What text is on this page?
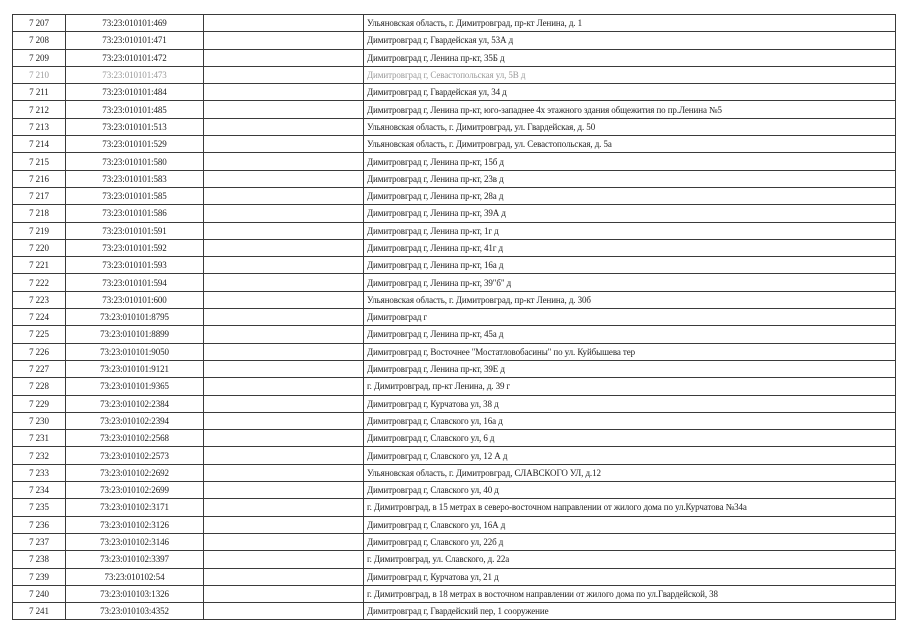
7 207	73:23:010101:469		Ульяновская область, г. Димитровград, пр-кт Ленина, д. 1
7 208	73:23:010101:471		Димитровград г, Гвардейская ул, 53А д
7 209	73:23:010101:472		Димитровград г, Ленина пр-кт, 35Б д
7 210	73:23:010101:473		Димитровград г, Севастопольская ул, 5В д
7 211	73:23:010101:484		Димитровград г, Гвардейская ул, 34 д
7 212	73:23:010101:485		Димитровград г, Ленина пр-кт, юго-западнее 4х этажного здания общежития по пр.Ленина №5
7 213	73:23:010101:513		Ульяновская область, г. Димитровград, ул. Гвардейская, д. 50
7 214	73:23:010101:529		Ульяновская область, г. Димитровград, ул. Севастопольская, д. 5а
7 215	73:23:010101:580		Димитровград г, Ленина пр-кт, 15б д
7 216	73:23:010101:583		Димитровград г, Ленина пр-кт, 23в д
7 217	73:23:010101:585		Димитровград г, Ленина пр-кт, 28а д
7 218	73:23:010101:586		Димитровград г, Ленина пр-кт, 39А д
7 219	73:23:010101:591		Димитровград г, Ленина пр-кт, 1г д
7 220	73:23:010101:592		Димитровград г, Ленина пр-кт, 41г д
7 221	73:23:010101:593		Димитровград г, Ленина пр-кт, 16а д
7 222	73:23:010101:594		Димитровград г, Ленина пр-кт, 39"б" д
7 223	73:23:010101:600		Ульяновская область, г. Димитровград, пр-кт Ленина, д. 30б
7 224	73:23:010101:8795		Димитровград г
7 225	73:23:010101:8899		Димитровград г, Ленина пр-кт, 45а д
7 226	73:23:010101:9050		Димитровград г, Восточнее "Мостатловобасины" по ул. Куйбышева тер
7 227	73:23:010101:9121		Димитровград г, Ленина пр-кт, 39Е д
7 228	73:23:010101:9365		г. Димитровград, пр-кт Ленина, д. 39 г
7 229	73:23:010102:2384		Димитровград г, Курчатова ул, 38 д
7 230	73:23:010102:2394		Димитровград г, Славского ул, 16а д
7 231	73:23:010102:2568		Димитровград г, Славского ул, 6 д
7 232	73:23:010102:2573		Димитровград г, Славского ул, 12 А д
7 233	73:23:010102:2692		Ульяновская область, г. Димитровград, СЛАВСКОГО УЛ, д.12
7 234	73:23:010102:2699		Димитровград г, Славского ул, 40 д
7 235	73:23:010102:3171		г. Димитровград, в 15 метрах в северо-восточном направлении от жилого дома по ул.Курчатова №34а
7 236	73:23:010102:3126		Димитровград г, Славского ул, 16А д
7 237	73:23:010102:3146		Димитровград г, Славского ул, 22б д
7 238	73:23:010102:3397		г. Димитровград, ул. Славского, д. 22а
7 239	73:23:010102:54		Димитровград г, Курчатова ул, 21 д
7 240	73:23:010103:1326		г. Димитровград, в 18 метрах в восточном направлении от жилого дома по ул.Гвардейской, 38
7 241	73:23:010103:4352		Димитровград г, Гвардейский пер, 1 сооружение
